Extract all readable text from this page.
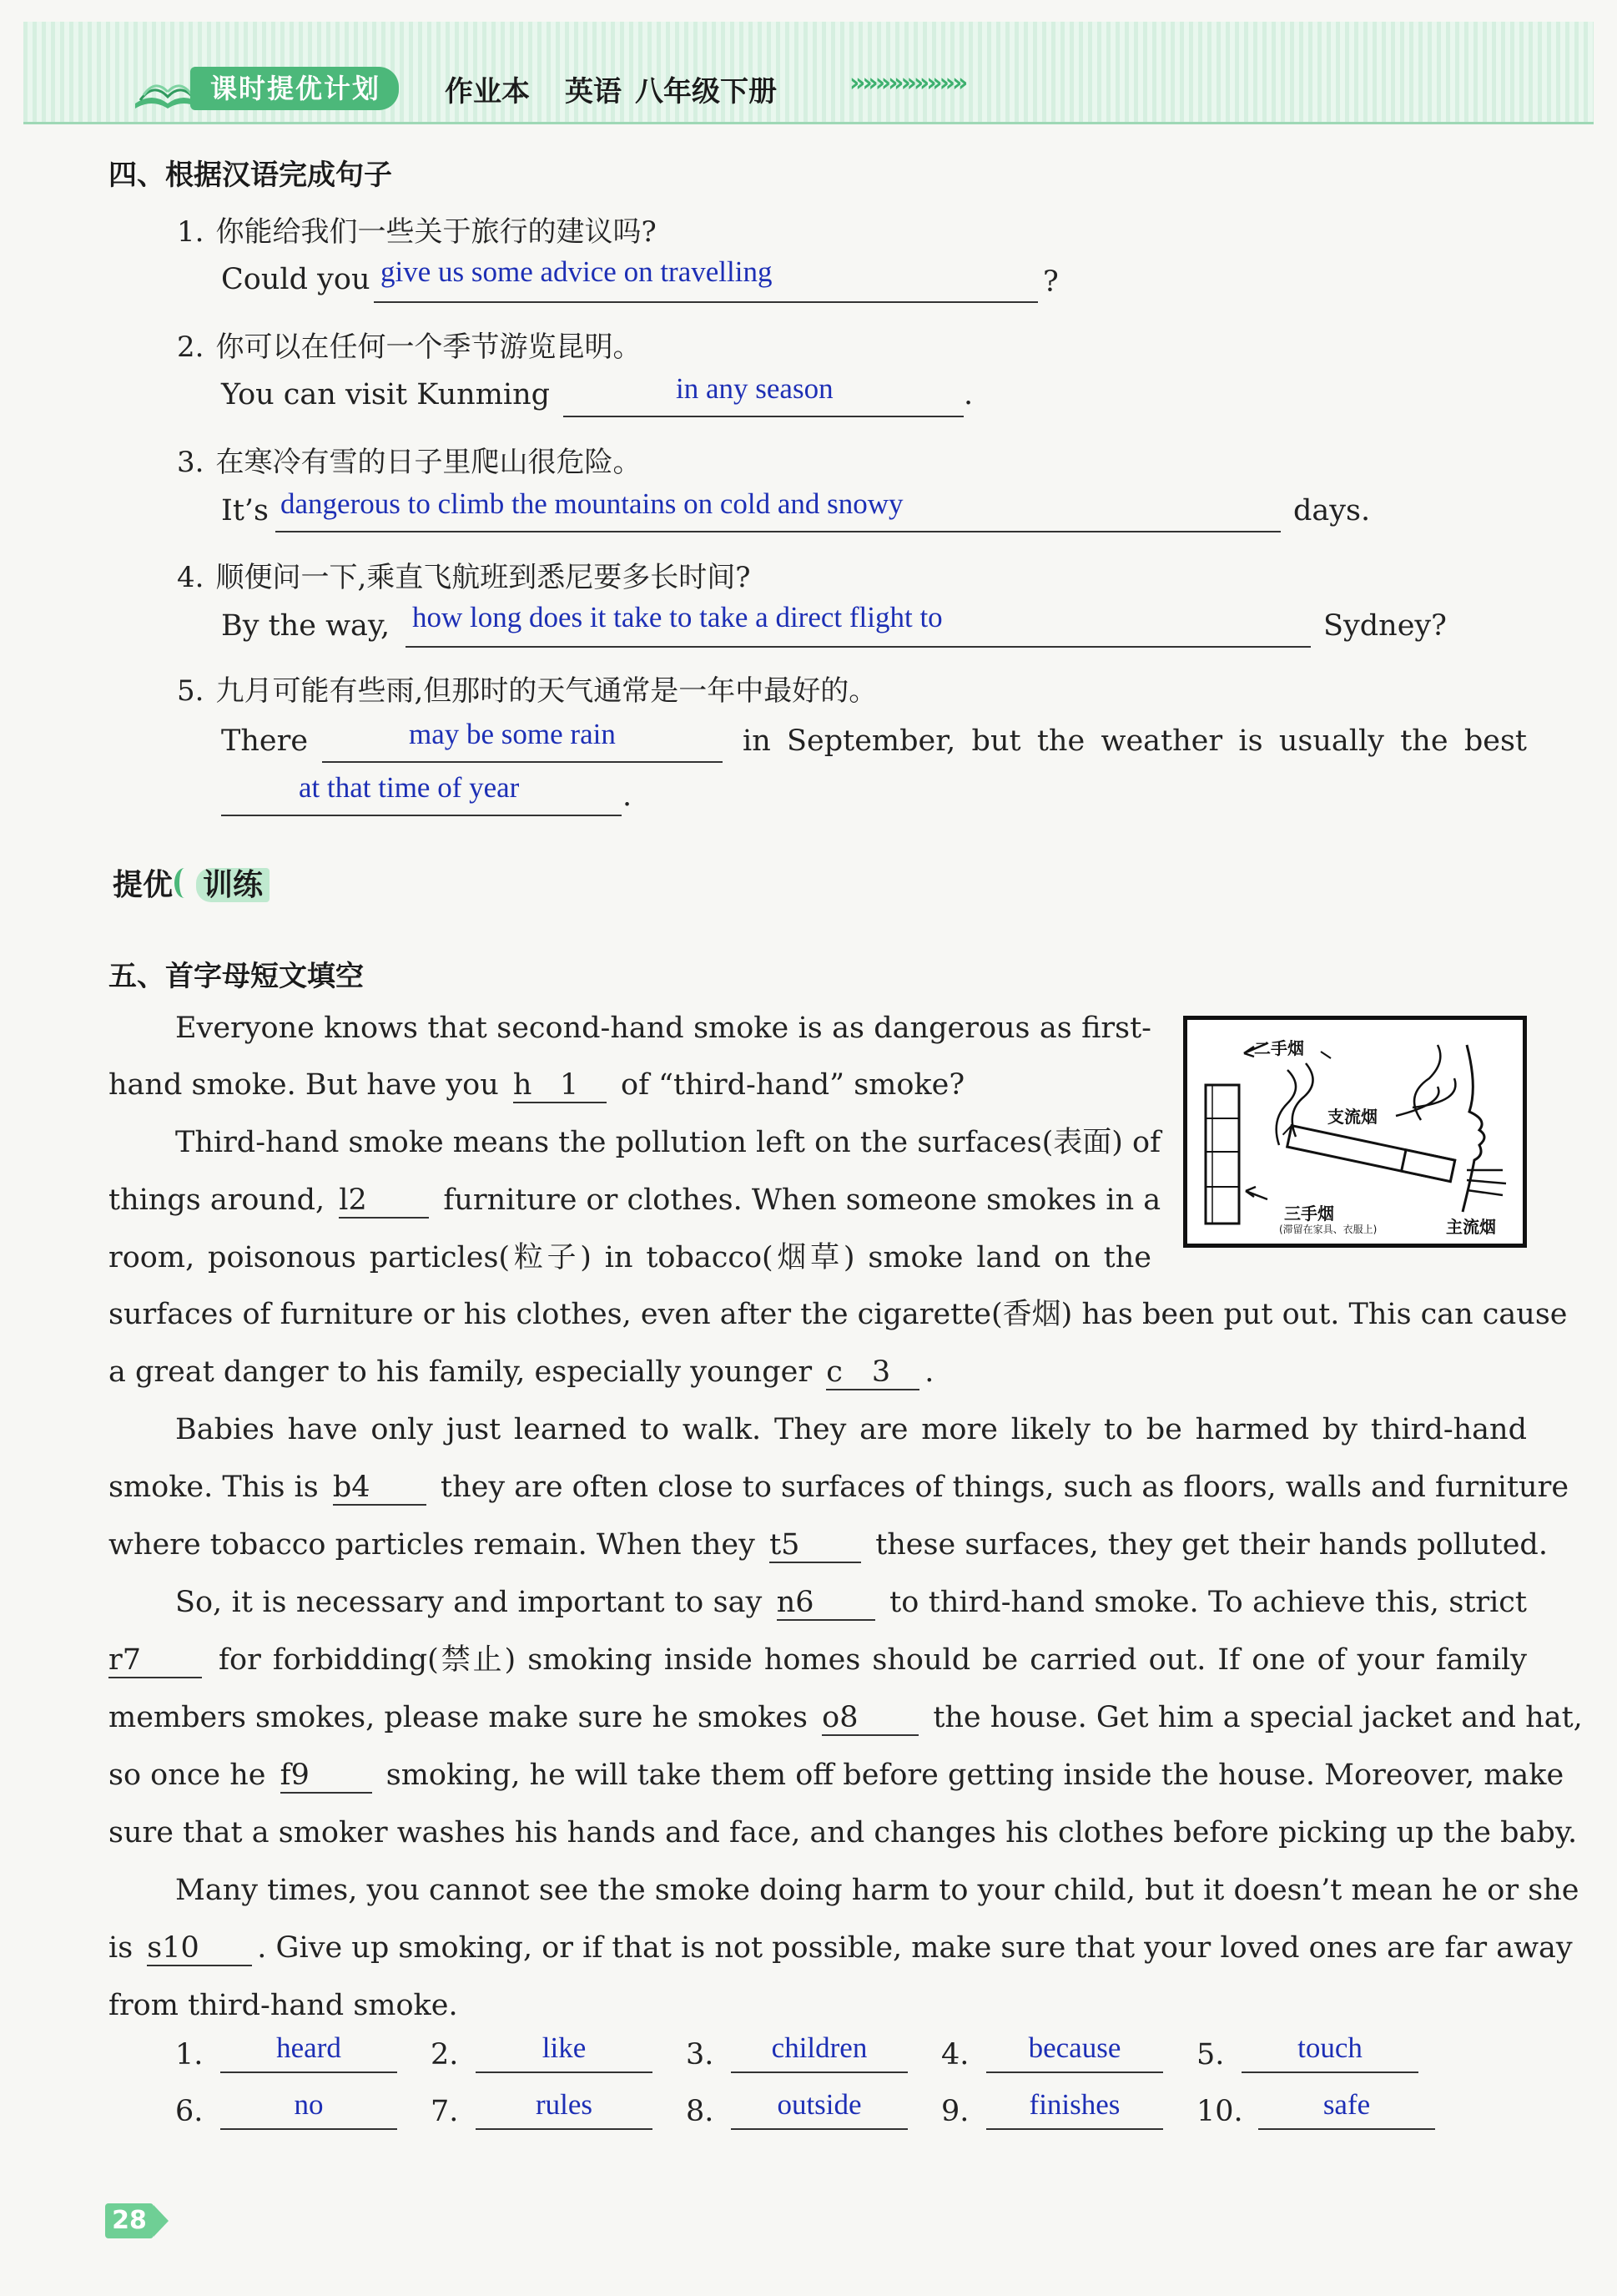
课时提优计划	作业本 英语 八年级下册	»»»»»»»»»
四、根据汉语完成句子
1. 你能给我们一些关于旅行的建议吗?
Could you give us some advice on travelling	?
2. 你可以在任何一个季节游览昆明。
You can visit Kunming	in any season	.
3. 在寒冷有雪的日子里爬山很危险。
It’s dangerous to climb the mountains on cold and snowy	days.
4. 顺便问一下,乘直飞航班到悉尼要多长时间?
By the way, how long does it take to take a direct flight to	Sydney?
5. 九月可能有些雨,但那时的天气通常是一年中最好的。
There	may be some rain	in September, but the weather is usually the best
at that time of year	.
提优 训练
五、首字母短文填空
Everyone knows that second-hand smoke is as dangerous as first-
hand smoke. But have you h 1 of “third-hand” smoke?
Third-hand smoke means the pollution left on the surfaces(表面) of
things around, l 2	furniture or clothes. When someone smokes in a
room, poisonous particles(粒子) in tobacco(烟草) smoke land on the
surfaces of furniture or his clothes, even after the cigarette(香烟) has been put out. This can cause
a great danger to his family, especially younger c 3 .
Babies have only just learned to walk. They are more likely to be harmed by third-hand
smoke. This is b 4 they are often close to surfaces of things, such as floors, walls and furniture
where tobacco particles remain. When they t 5	these surfaces, they get their hands polluted.
So, it is necessary and important to say n 6	to third-hand smoke. To achieve this, strict
r 7	for forbidding(禁止) smoking inside homes should be carried out. If one of your family
members smokes, please make sure he smokes o 8	the house. Get him a special jacket and hat,
so once he f 9	smoking, he will take them off before getting inside the house. Moreover, make
sure that a smoker washes his hands and face, and changes his clothes before picking up the baby.
Many times, you cannot see the smoke doing harm to your child, but it doesn’t mean he or she
is s 10 . Give up smoking, or if that is not possible, make sure that your loved ones are far away
from third-hand smoke.
二手烟
支流烟
三手烟
(滞留在家具、衣服上)	主流烟
1.	heard	2.	like	3.	children	4.	because	5.	touch
6.	no	7.	rules	8.	outside	9.	finishes	10.	safe
28
